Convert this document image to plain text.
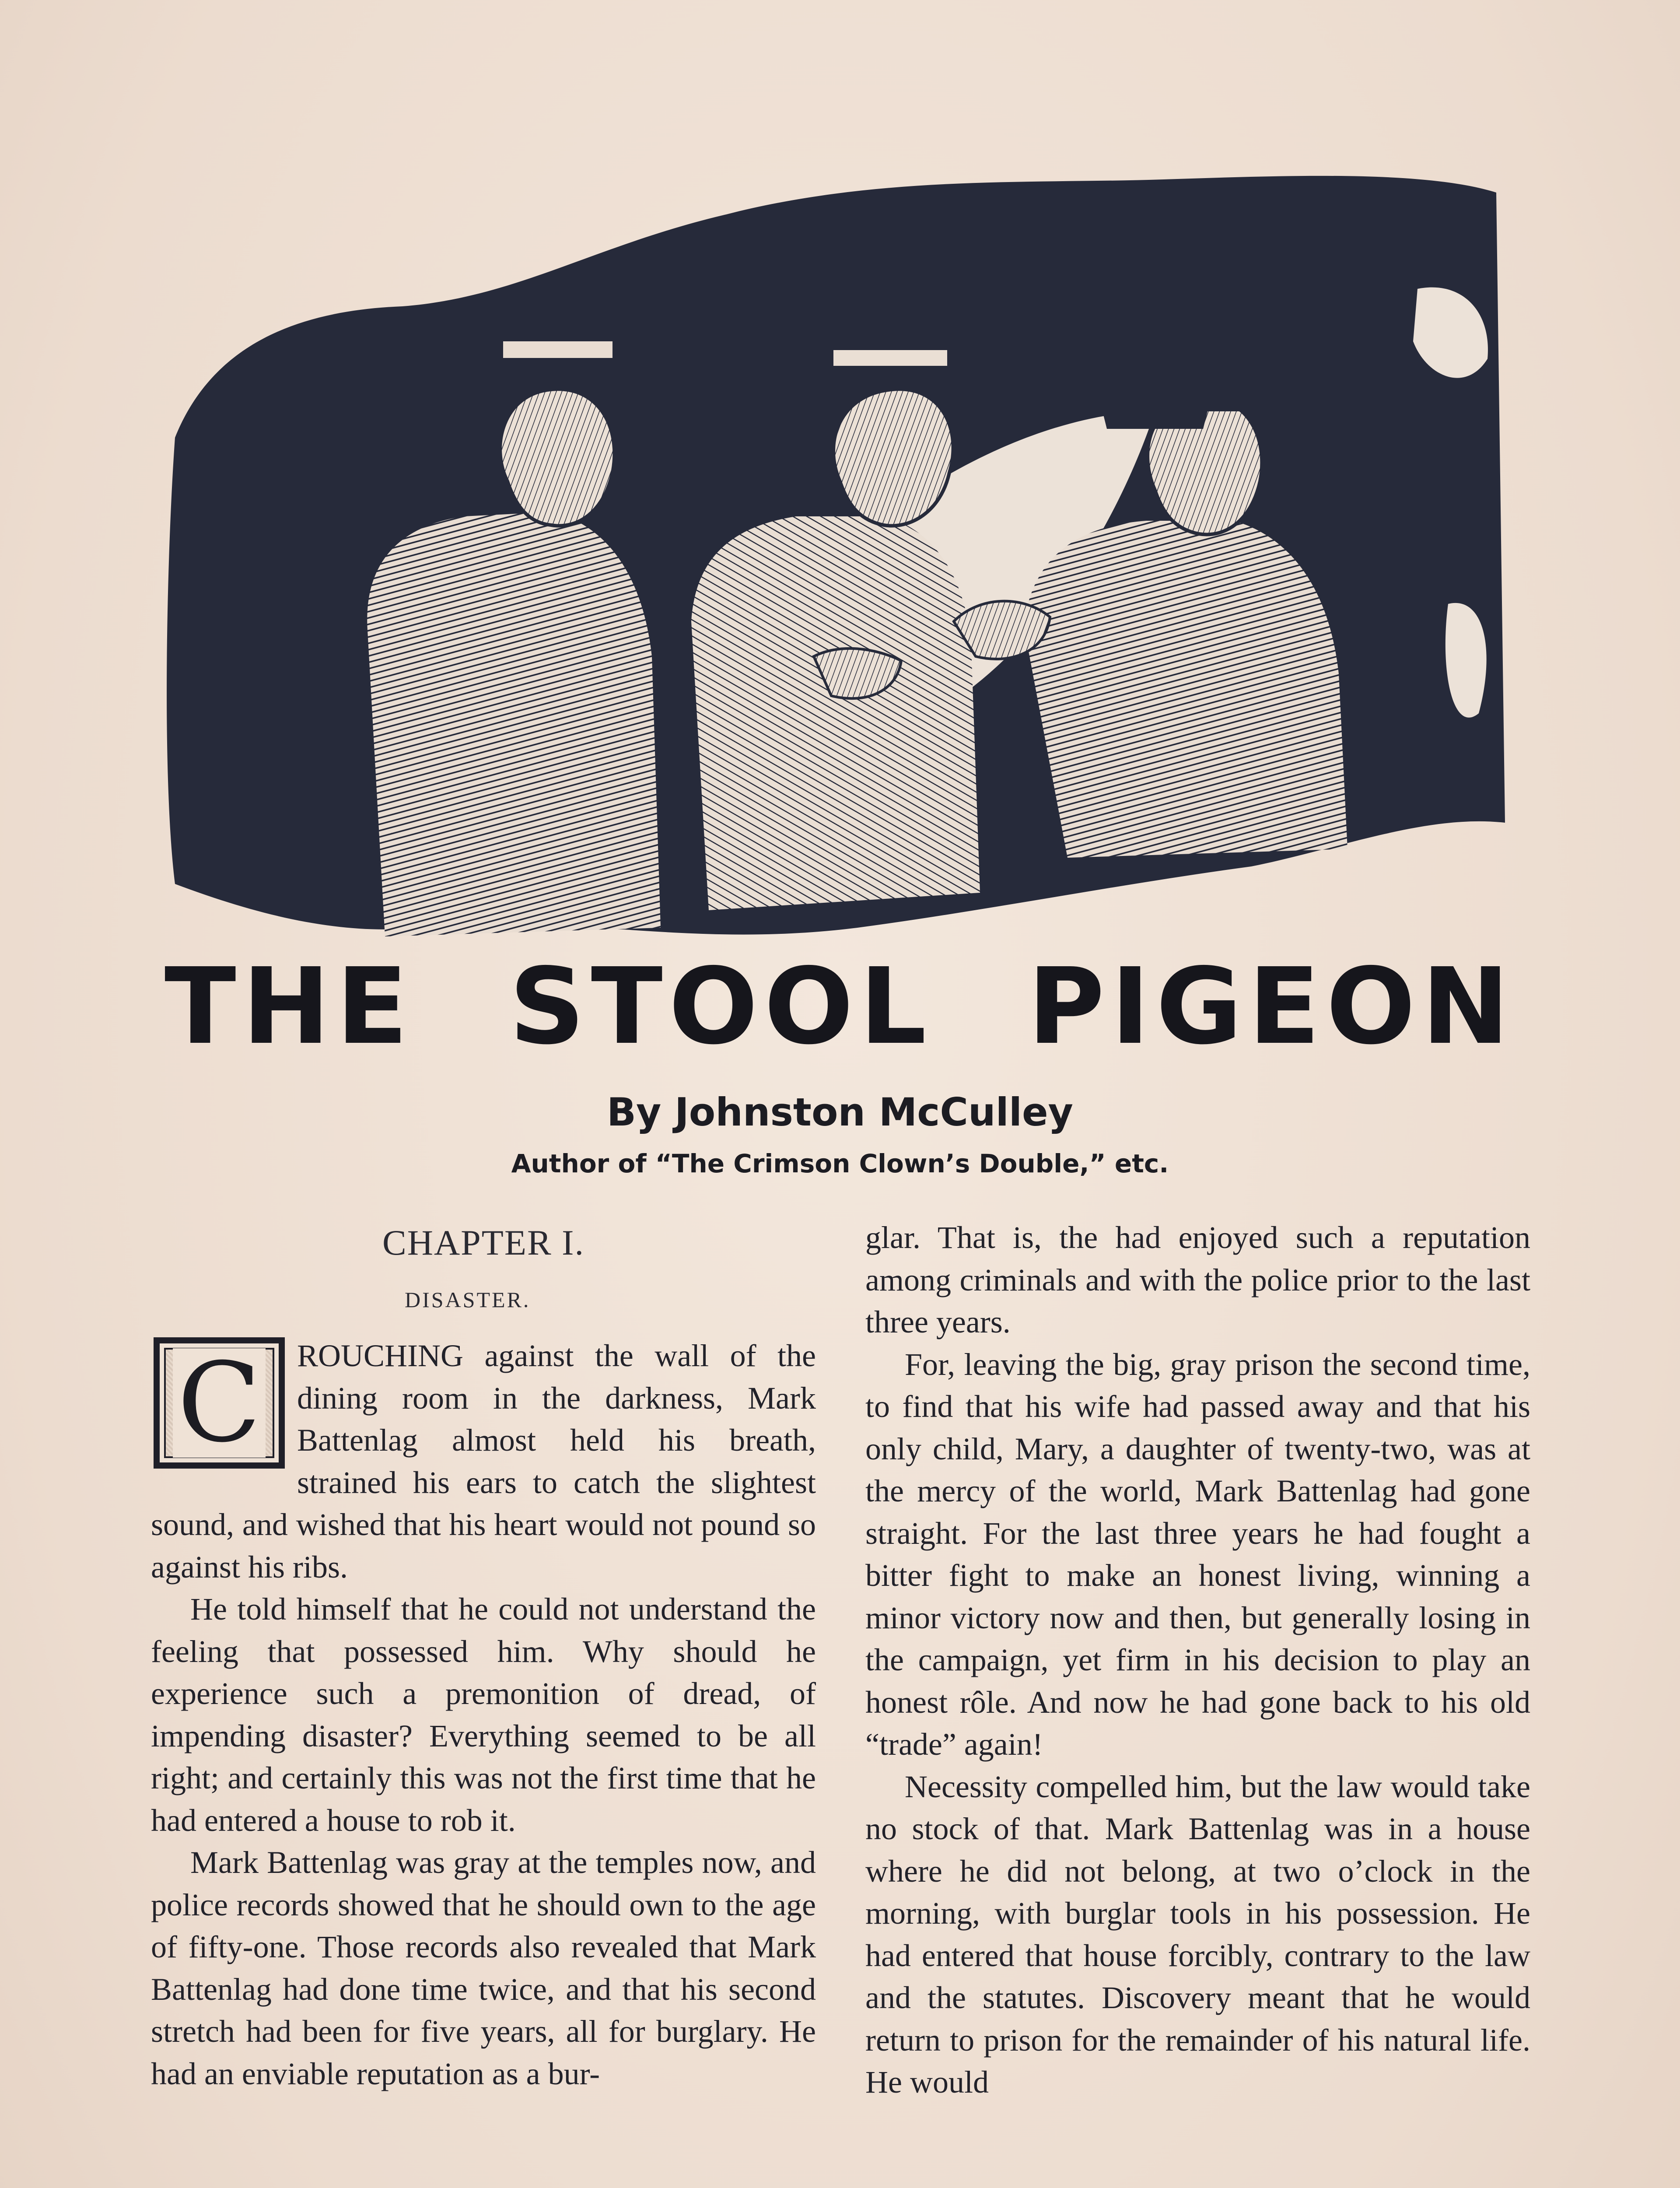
THE STOOL PIGEON
By Johnston McCulley
Author of “The Crimson Clown’s Double,” etc.
CHAPTER I.
DISASTER.

C ROUCHING against the wall of the dining room in the darkness, Mark Battenlag almost held his breath, strained his ears to catch the slightest sound, and wished that his heart would not pound so against his ribs.

He told himself that he could not understand the feeling that possessed him. Why should he experience such a premonition of dread, of impending disaster? Everything seemed to be all right; and certainly this was not the first time that he had entered a house to rob it.

Mark Battenlag was gray at the temples now, and police records showed that he should own to the age of fifty-one. Those records also revealed that Mark Battenlag had done time twice, and that his second stretch had been for five years, all for burglary. He had an enviable reputation as a bur-

glar. That is, the had enjoyed such a reputation among criminals and with the police prior to the last three years.

For, leaving the big, gray prison the second time, to find that his wife had passed away and that his only child, Mary, a daughter of twenty-two, was at the mercy of the world, Mark Battenlag had gone straight. For the last three years he had fought a bitter fight to make an honest living, winning a minor victory now and then, but generally losing in the campaign, yet firm in his decision to play an honest rôle. And now he had gone back to his old “trade” again!

Necessity compelled him, but the law would take no stock of that. Mark Battenlag was in a house where he did not belong, at two o’clock in the morning, with burglar tools in his possession. He had entered that house forcibly, contrary to the law and the statutes. Discovery meant that he would return to prison for the remainder of his natural life. He would
